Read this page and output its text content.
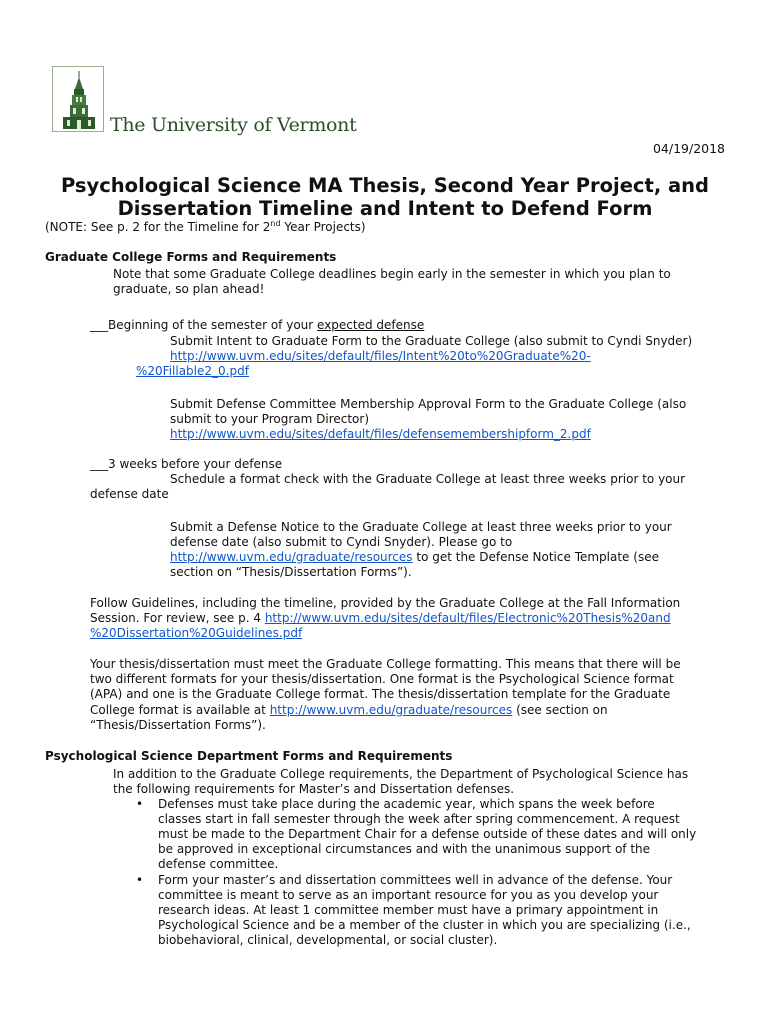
The University of Vermont
04/19/2018
Psychological Science MA Thesis, Second Year Project, and
Dissertation Timeline and Intent to Defend Form
(NOTE: See p. 2 for the Timeline for 2nd Year Projects)
Graduate College Forms and Requirements
Note that some Graduate College deadlines begin early in the semester in which you plan to
graduate, so plan ahead!
___Beginning of the semester of your expected defense
Submit Intent to Graduate Form to the Graduate College (also submit to Cyndi Snyder)
http://www.uvm.edu/sites/default/files/Intent%20to%20Graduate%20-
%20Fillable2_0.pdf
Submit Defense Committee Membership Approval Form to the Graduate College (also
submit to your Program Director)
http://www.uvm.edu/sites/default/files/defensemembershipform_2.pdf
___3 weeks before your defense
Schedule a format check with the Graduate College at least three weeks prior to your
defense date
Submit a Defense Notice to the Graduate College at least three weeks prior to your
defense date (also submit to Cyndi Snyder). Please go to
http://www.uvm.edu/graduate/resources to get the Defense Notice Template (see
section on “Thesis/Dissertation Forms”).
Follow Guidelines, including the timeline, provided by the Graduate College at the Fall Information
Session. For review, see p. 4 http://www.uvm.edu/sites/default/files/Electronic%20Thesis%20and
%20Dissertation%20Guidelines.pdf
Your thesis/dissertation must meet the Graduate College formatting. This means that there will be
two different formats for your thesis/dissertation. One format is the Psychological Science format
(APA) and one is the Graduate College format. The thesis/dissertation template for the Graduate
College format is available at http://www.uvm.edu/graduate/resources (see section on
“Thesis/Dissertation Forms”).
Psychological Science Department Forms and Requirements
In addition to the Graduate College requirements, the Department of Psychological Science has
the following requirements for Master’s and Dissertation defenses.
• Defenses must take place during the academic year, which spans the week before
classes start in fall semester through the week after spring commencement. A request
must be made to the Department Chair for a defense outside of these dates and will only
be approved in exceptional circumstances and with the unanimous support of the
defense committee.
• Form your master’s and dissertation committees well in advance of the defense. Your
committee is meant to serve as an important resource for you as you develop your
research ideas. At least 1 committee member must have a primary appointment in
Psychological Science and be a member of the cluster in which you are specializing (i.e.,
biobehavioral, clinical, developmental, or social cluster).
